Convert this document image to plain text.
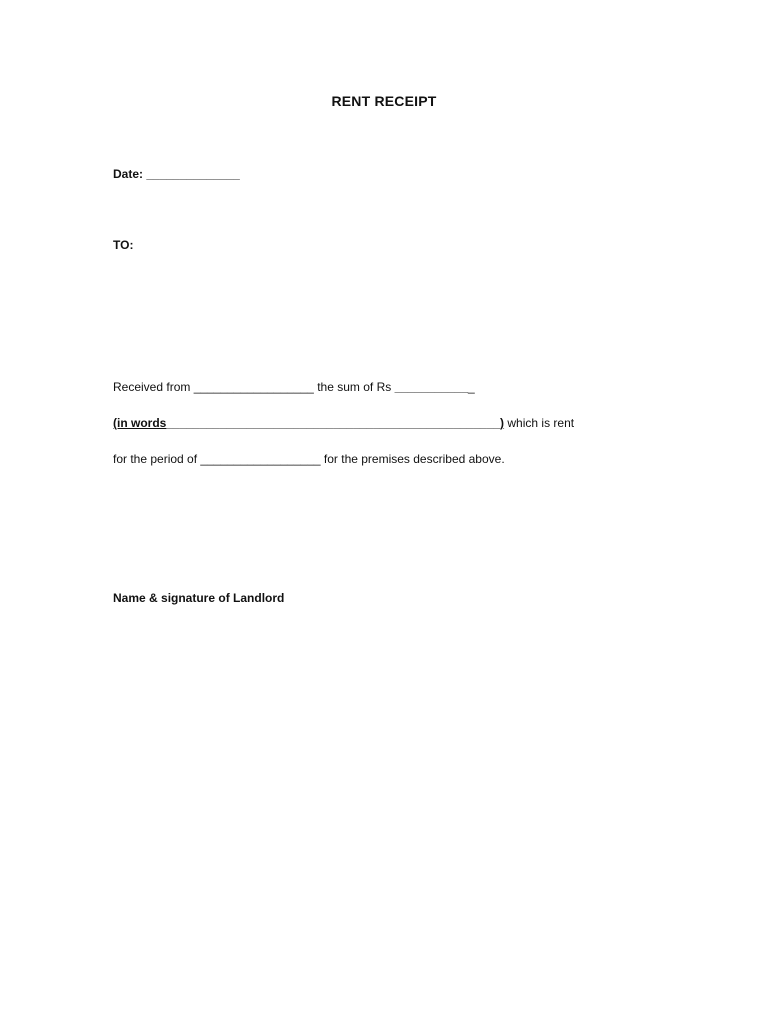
RENT RECEIPT
Date: ______________
TO:
Received from __________________ the sum of Rs ____________
(in words__________________________________________________) which is rent
for the period of __________________ for the premises described above.
Name & signature of Landlord
